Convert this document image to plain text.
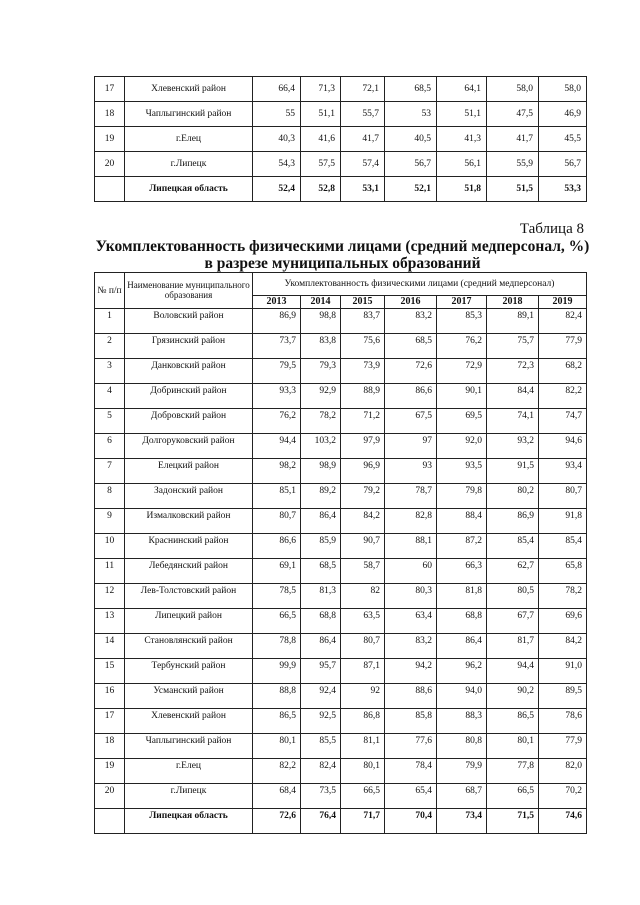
17	Хлевенский район	66,4	71,3	72,1	68,5	64,1	58,0	58,0
18	Чаплыгинский район	55	51,1	55,7	53	51,1	47,5	46,9
19	г.Елец	40,3	41,6	41,7	40,5	41,3	41,7	45,5
20	г.Липецк	54,3	57,5	57,4	56,7	56,1	55,9	56,7
	Липецкая область	52,4	52,8	53,1	52,1	51,8	51,5	53,3
Таблица 8
Укомплектованность физическими лицами (средний медперсонал, %) в разрезе муниципальных образований
№ п/п	Наименование муниципального образования	Укомплектованность физическими лицами (средний медперсонал)						
		2013	2014	2015	2016	2017	2018	2019
1	Воловский район	86,9	98,8	83,7	83,2	85,3	89,1	82,4
2	Грязинский район	73,7	83,8	75,6	68,5	76,2	75,7	77,9
3	Данковский район	79,5	79,3	73,9	72,6	72,9	72,3	68,2
4	Добринский район	93,3	92,9	88,9	86,6	90,1	84,4	82,2
5	Добровский район	76,2	78,2	71,2	67,5	69,5	74,1	74,7
6	Долгоруковский район	94,4	103,2	97,9	97	92,0	93,2	94,6
7	Елецкий район	98,2	98,9	96,9	93	93,5	91,5	93,4
8	Задонский район	85,1	89,2	79,2	78,7	79,8	80,2	80,7
9	Измалковский район	80,7	86,4	84,2	82,8	88,4	86,9	91,8
10	Краснинский район	86,6	85,9	90,7	88,1	87,2	85,4	85,4
11	Лебедянский район	69,1	68,5	58,7	60	66,3	62,7	65,8
12	Лев-Толстовский район	78,5	81,3	82	80,3	81,8	80,5	78,2
13	Липецкий район	66,5	68,8	63,5	63,4	68,8	67,7	69,6
14	Становлянский район	78,8	86,4	80,7	83,2	86,4	81,7	84,2
15	Тербунский район	99,9	95,7	87,1	94,2	96,2	94,4	91,0
16	Усманский район	88,8	92,4	92	88,6	94,0	90,2	89,5
17	Хлевенский район	86,5	92,5	86,8	85,8	88,3	86,5	78,6
18	Чаплыгинский район	80,1	85,5	81,1	77,6	80,8	80,1	77,9
19	г.Елец	82,2	82,4	80,1	78,4	79,9	77,8	82,0
20	г.Липецк	68,4	73,5	66,5	65,4	68,7	66,5	70,2
	Липецкая область	72,6	76,4	71,7	70,4	73,4	71,5	74,6
